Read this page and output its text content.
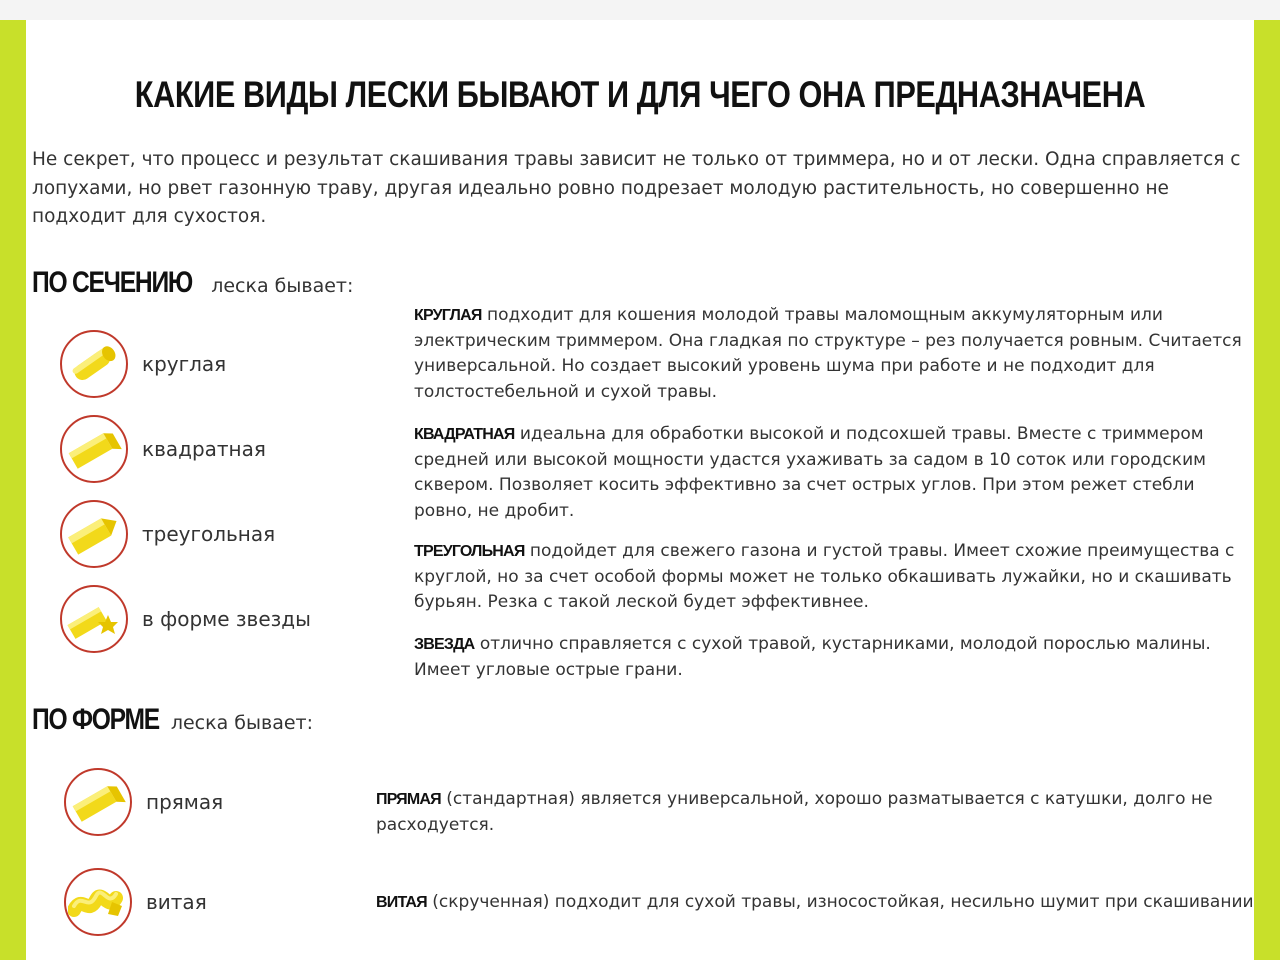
КАКИЕ ВИДЫ ЛЕСКИ БЫВАЮТ И ДЛЯ ЧЕГО ОНА ПРЕДНАЗНАЧЕНА
Не секрет, что процесс и результат скашивания травы зависит не только от триммера, но и от лески. Одна справляется с лопухами, но рвет газонную траву, другая идеально ровно подрезает молодую растительность, но совершенно не подходит для сухостоя.
ПО СЕЧЕНИЮ леска бывает:
круглая
квадратная
треугольная
в форме звезды
КРУГЛАЯ подходит для кошения молодой травы маломощным аккумуляторным или электрическим триммером. Она гладкая по структуре – рез получается ровным. Считается универсальной. Но создает высокий уровень шума при работе и не подходит для толстостебельной и сухой травы.
КВАДРАТНАЯ идеальна для обработки высокой и подсохшей травы. Вместе с триммером средней или высокой мощности удастся ухаживать за садом в 10 соток или городским сквером. Позволяет косить эффективно за счет острых углов. При этом режет стебли ровно, не дробит.
ТРЕУГОЛЬНАЯ подойдет для свежего газона и густой травы. Имеет схожие преимущества с круглой, но за счет особой формы может не только обкашивать лужайки, но и скашивать бурьян. Резка с такой леской будет эффективнее.
ЗВЕЗДА отлично справляется с сухой травой, кустарниками, молодой порослью малины. Имеет угловые острые грани.
ПО ФОРМЕ леска бывает:
прямая
витая
ПРЯМАЯ (стандартная) является универсальной, хорошо разматывается с катушки, долго не расходуется.
ВИТАЯ (скрученная) подходит для сухой травы, износостойкая, несильно шумит при скашивании
